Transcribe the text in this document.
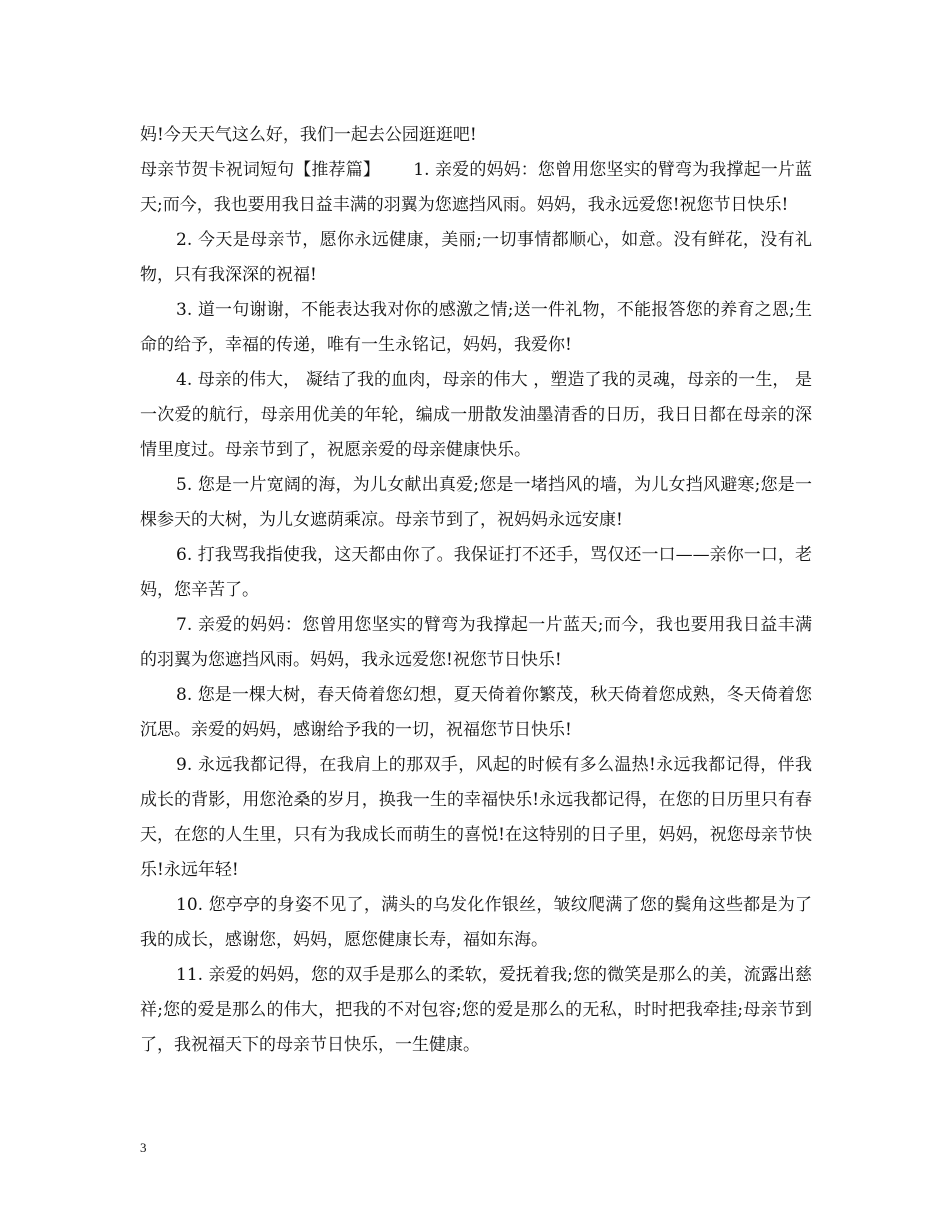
妈!今天天气这么好，我们一起去公园逛逛吧!

母亲节贺卡祝词短句【推荐篇】 1. 亲爱的妈妈：您曾用您坚实的臂弯为我撑起一片蓝天;而今，我也要用我日益丰满的羽翼为您遮挡风雨。妈妈，我永远爱您!祝您节日快乐!

2. 今天是母亲节，愿你永远健康，美丽;一切事情都顺心，如意。没有鲜花，没有礼物，只有我深深的祝福!

3. 道一句谢谢，不能表达我对你的感激之情;送一件礼物，不能报答您的养育之恩;生命的给予，幸福的传递，唯有一生永铭记，妈妈，我爱你!

4. 母亲的伟大， 凝结了我的血肉，母亲的伟大 ，塑造了我的灵魂，母亲的一生， 是一次爱的航行，母亲用优美的年轮，编成一册散发油墨清香的日历，我日日都在母亲的深情里度过。母亲节到了，祝愿亲爱的母亲健康快乐。

5. 您是一片宽阔的海，为儿女献出真爱;您是一堵挡风的墙，为儿女挡风避寒;您是一棵参天的大树，为儿女遮荫乘凉。母亲节到了，祝妈妈永远安康!

6. 打我骂我指使我，这天都由你了。我保证打不还手，骂仅还一口——亲你一口，老妈，您辛苦了。

7. 亲爱的妈妈：您曾用您坚实的臂弯为我撑起一片蓝天;而今，我也要用我日益丰满的羽翼为您遮挡风雨。妈妈，我永远爱您!祝您节日快乐!

8. 您是一棵大树，春天倚着您幻想，夏天倚着你繁茂，秋天倚着您成熟，冬天倚着您沉思。亲爱的妈妈，感谢给予我的一切，祝福您节日快乐!

9. 永远我都记得，在我肩上的那双手，风起的时候有多么温热!永远我都记得，伴我成长的背影，用您沧桑的岁月，换我一生的幸福快乐!永远我都记得，在您的日历里只有春天，在您的人生里，只有为我成长而萌生的喜悦!在这特别的日子里，妈妈，祝您母亲节快乐!永远年轻!

10. 您亭亭的身姿不见了，满头的乌发化作银丝，皱纹爬满了您的鬓角这些都是为了我的成长，感谢您，妈妈，愿您健康长寿，福如东海。

11. 亲爱的妈妈，您的双手是那么的柔软，爱抚着我;您的微笑是那么的美，流露出慈祥;您的爱是那么的伟大，把我的不对包容;您的爱是那么的无私，时时把我牵挂;母亲节到了，我祝福天下的母亲节日快乐，一生健康。

3
